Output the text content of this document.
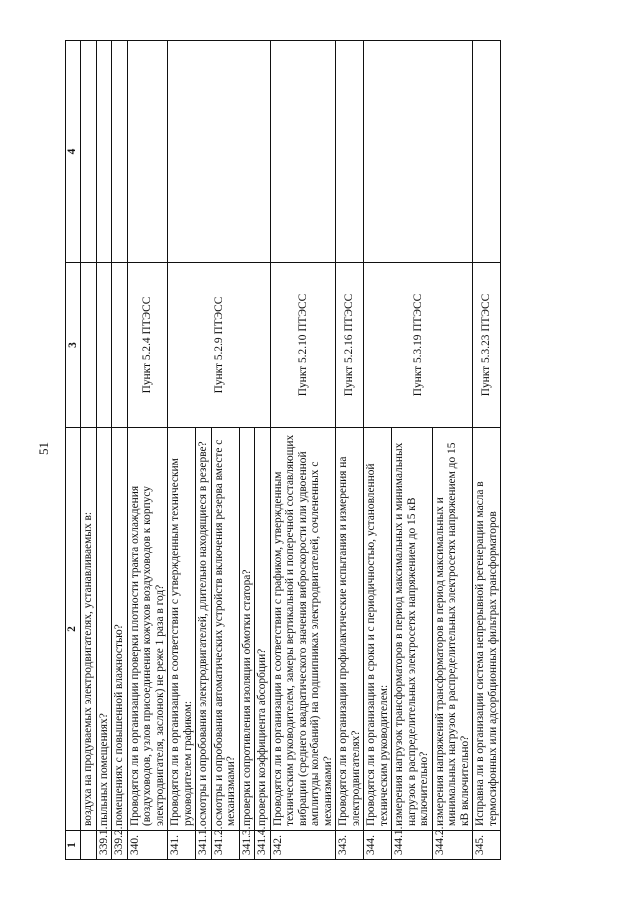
51
1	2	3	4
	воздуха на продуваемых электродвигателях, устанавливаемых в:		
339.1.	пыльных помещениях?		
339.2.	помещениях с повышенной влажностью?		
340.	Проводятся ли в организации проверки плотности тракта охлаждения (воздуховодов, узлов присоединения кожухов воздуховодов к корпусу электродвигателя, заслонок) не реже 1 раза в год?	Пункт 5.2.4 ПТЭСС	
341.	Проводятся ли в организации в соответствии с утвержденным техническим руководителем графиком:	Пункт 5.2.9 ПТЭСС	
341.1.	осмотры и опробования электродвигателей, длительно находящиеся в резерве?		
341.2.	осмотры и опробования автоматических устройств включения резерва вместе с механизмами?		
341.3.	проверки сопротивления изоляции обмотки статора?		
341.4.	проверки коэффициента абсорбции?		
342.	Проводятся ли в организации в соответствии с графиком, утвержденным техническим руководителем, замеры вертикальной и поперечной составляющих вибрации (среднего квадратического значения виброскорости или удвоенной амплитуды колебаний) на подшипниках электродвигателей, сочлененных с механизмами?	Пункт 5.2.10 ПТЭСС	
343.	Проводятся ли в организации профилактические испытания и измерения на электродвигателях?	Пункт 5.2.16 ПТЭСС	
344.	Проводятся ли в организации в сроки и с периодичностью, установленной техническим руководителем:	Пункт 5.3.19 ПТЭСС	
344.1.	измерения нагрузок трансформаторов в период максимальных и минимальных нагрузок в распределительных электросетях напряжением до 15 кВ включительно?		
344.2.	измерения напряжений трансформаторов в период максимальных и минимальных нагрузок в распределительных электросетях напряжением до 15 кВ включительно?		
345.	Исправна ли в организации система непрерывной регенерации масла в термосифонных или адсорбционных фильтрах трансформаторов	Пункт 5.3.23 ПТЭСС	
